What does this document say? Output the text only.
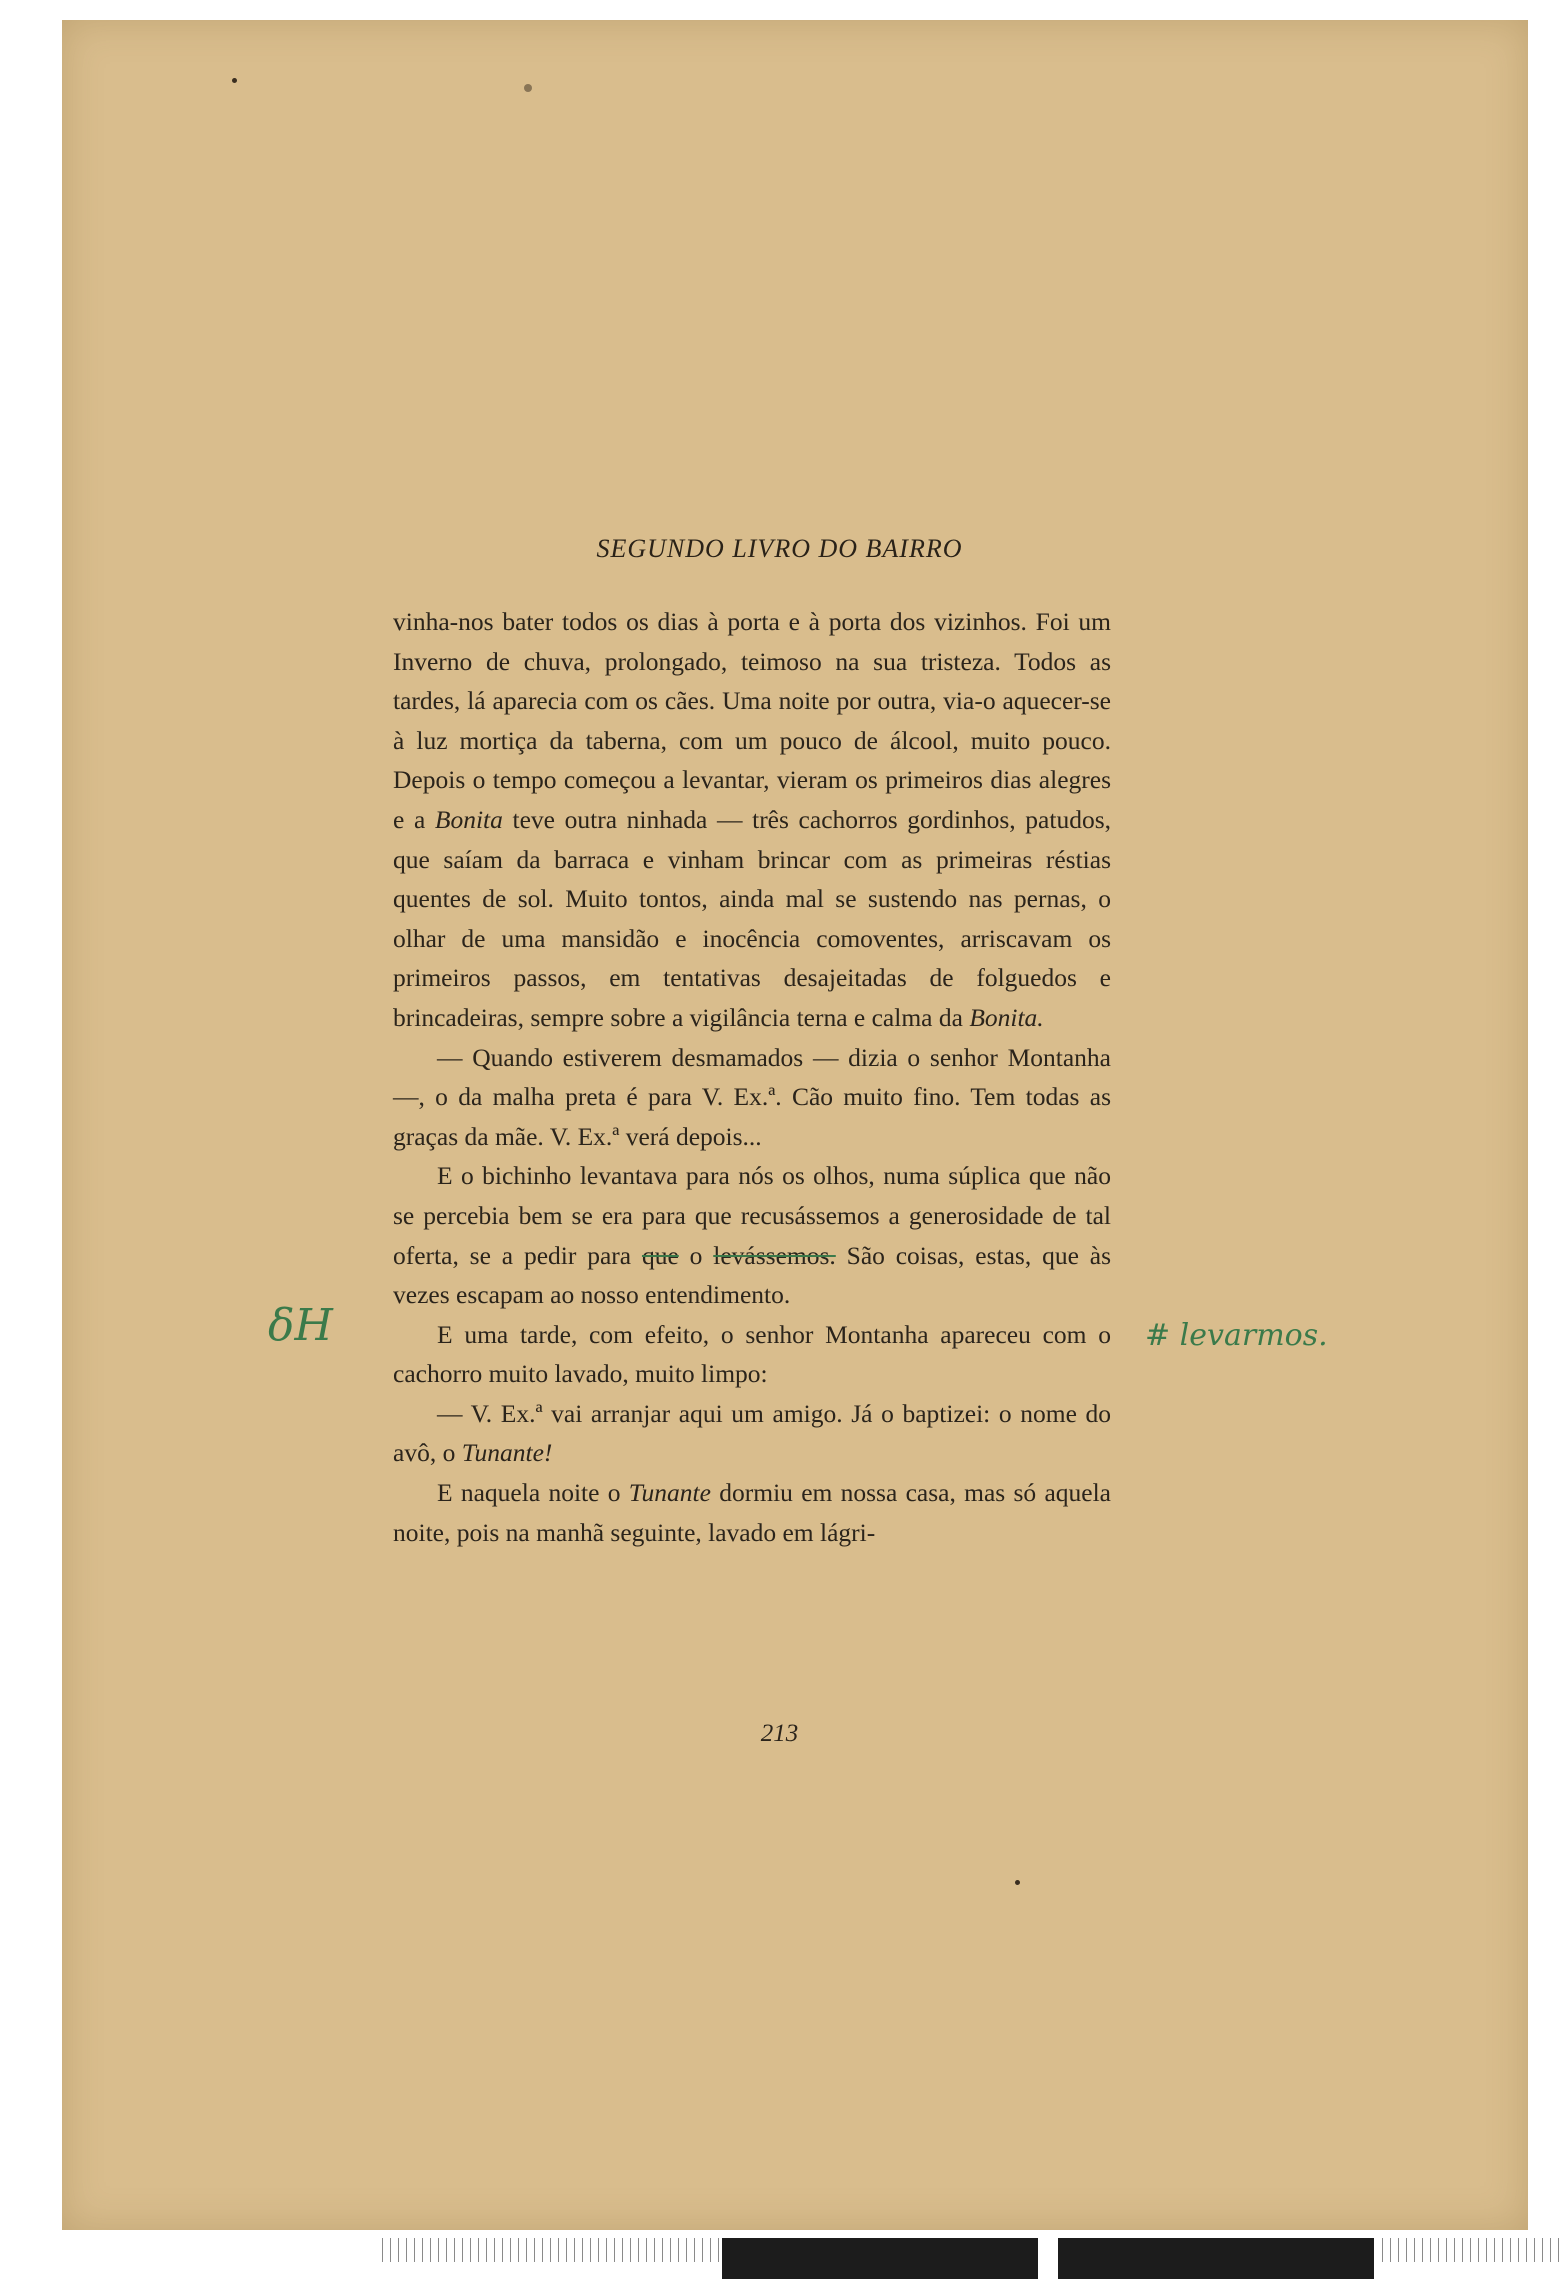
SEGUNDO LIVRO DO BAIRRO

vinha-nos bater todos os dias à porta e à porta dos vizinhos. Foi um Inverno de chuva, prolongado, teimoso na sua tristeza. Todos as tardes, lá aparecia com os cães. Uma noite por outra, via-o aquecer-se à luz mortiça da taberna, com um pouco de álcool, muito pouco. Depois o tempo começou a levantar, vieram os primeiros dias alegres e a Bonita teve outra ninhada — três cachorros gordinhos, patudos, que saíam da barraca e vinham brincar com as primeiras réstias quentes de sol. Muito tontos, ainda mal se sustendo nas pernas, o olhar de uma mansidão e inocência comoventes, arriscavam os primeiros passos, em tentativas desajeitadas de folguedos e brincadeiras, sempre sobre a vigilância terna e calma da Bonita.

— Quando estiverem desmamados — dizia o senhor Montanha —, o da malha preta é para V. Ex.ª. Cão muito fino. Tem todas as graças da mãe. V. Ex.ª verá depois...

E o bichinho levantava para nós os olhos, numa súplica que não se percebia bem se era para que recusássemos a generosidade de tal oferta, se a pedir para que o levássemos. São coisas, estas, que às vezes escapam ao nosso entendimento.

E uma tarde, com efeito, o senhor Montanha apareceu com o cachorro muito lavado, muito limpo:

— V. Ex.ª vai arranjar aqui um amigo. Já o baptizei: o nome do avô, o Tunante!

E naquela noite o Tunante dormiu em nossa casa, mas só aquela noite, pois na manhã seguinte, lavado em lágri-

δH	# levarmos.
213
